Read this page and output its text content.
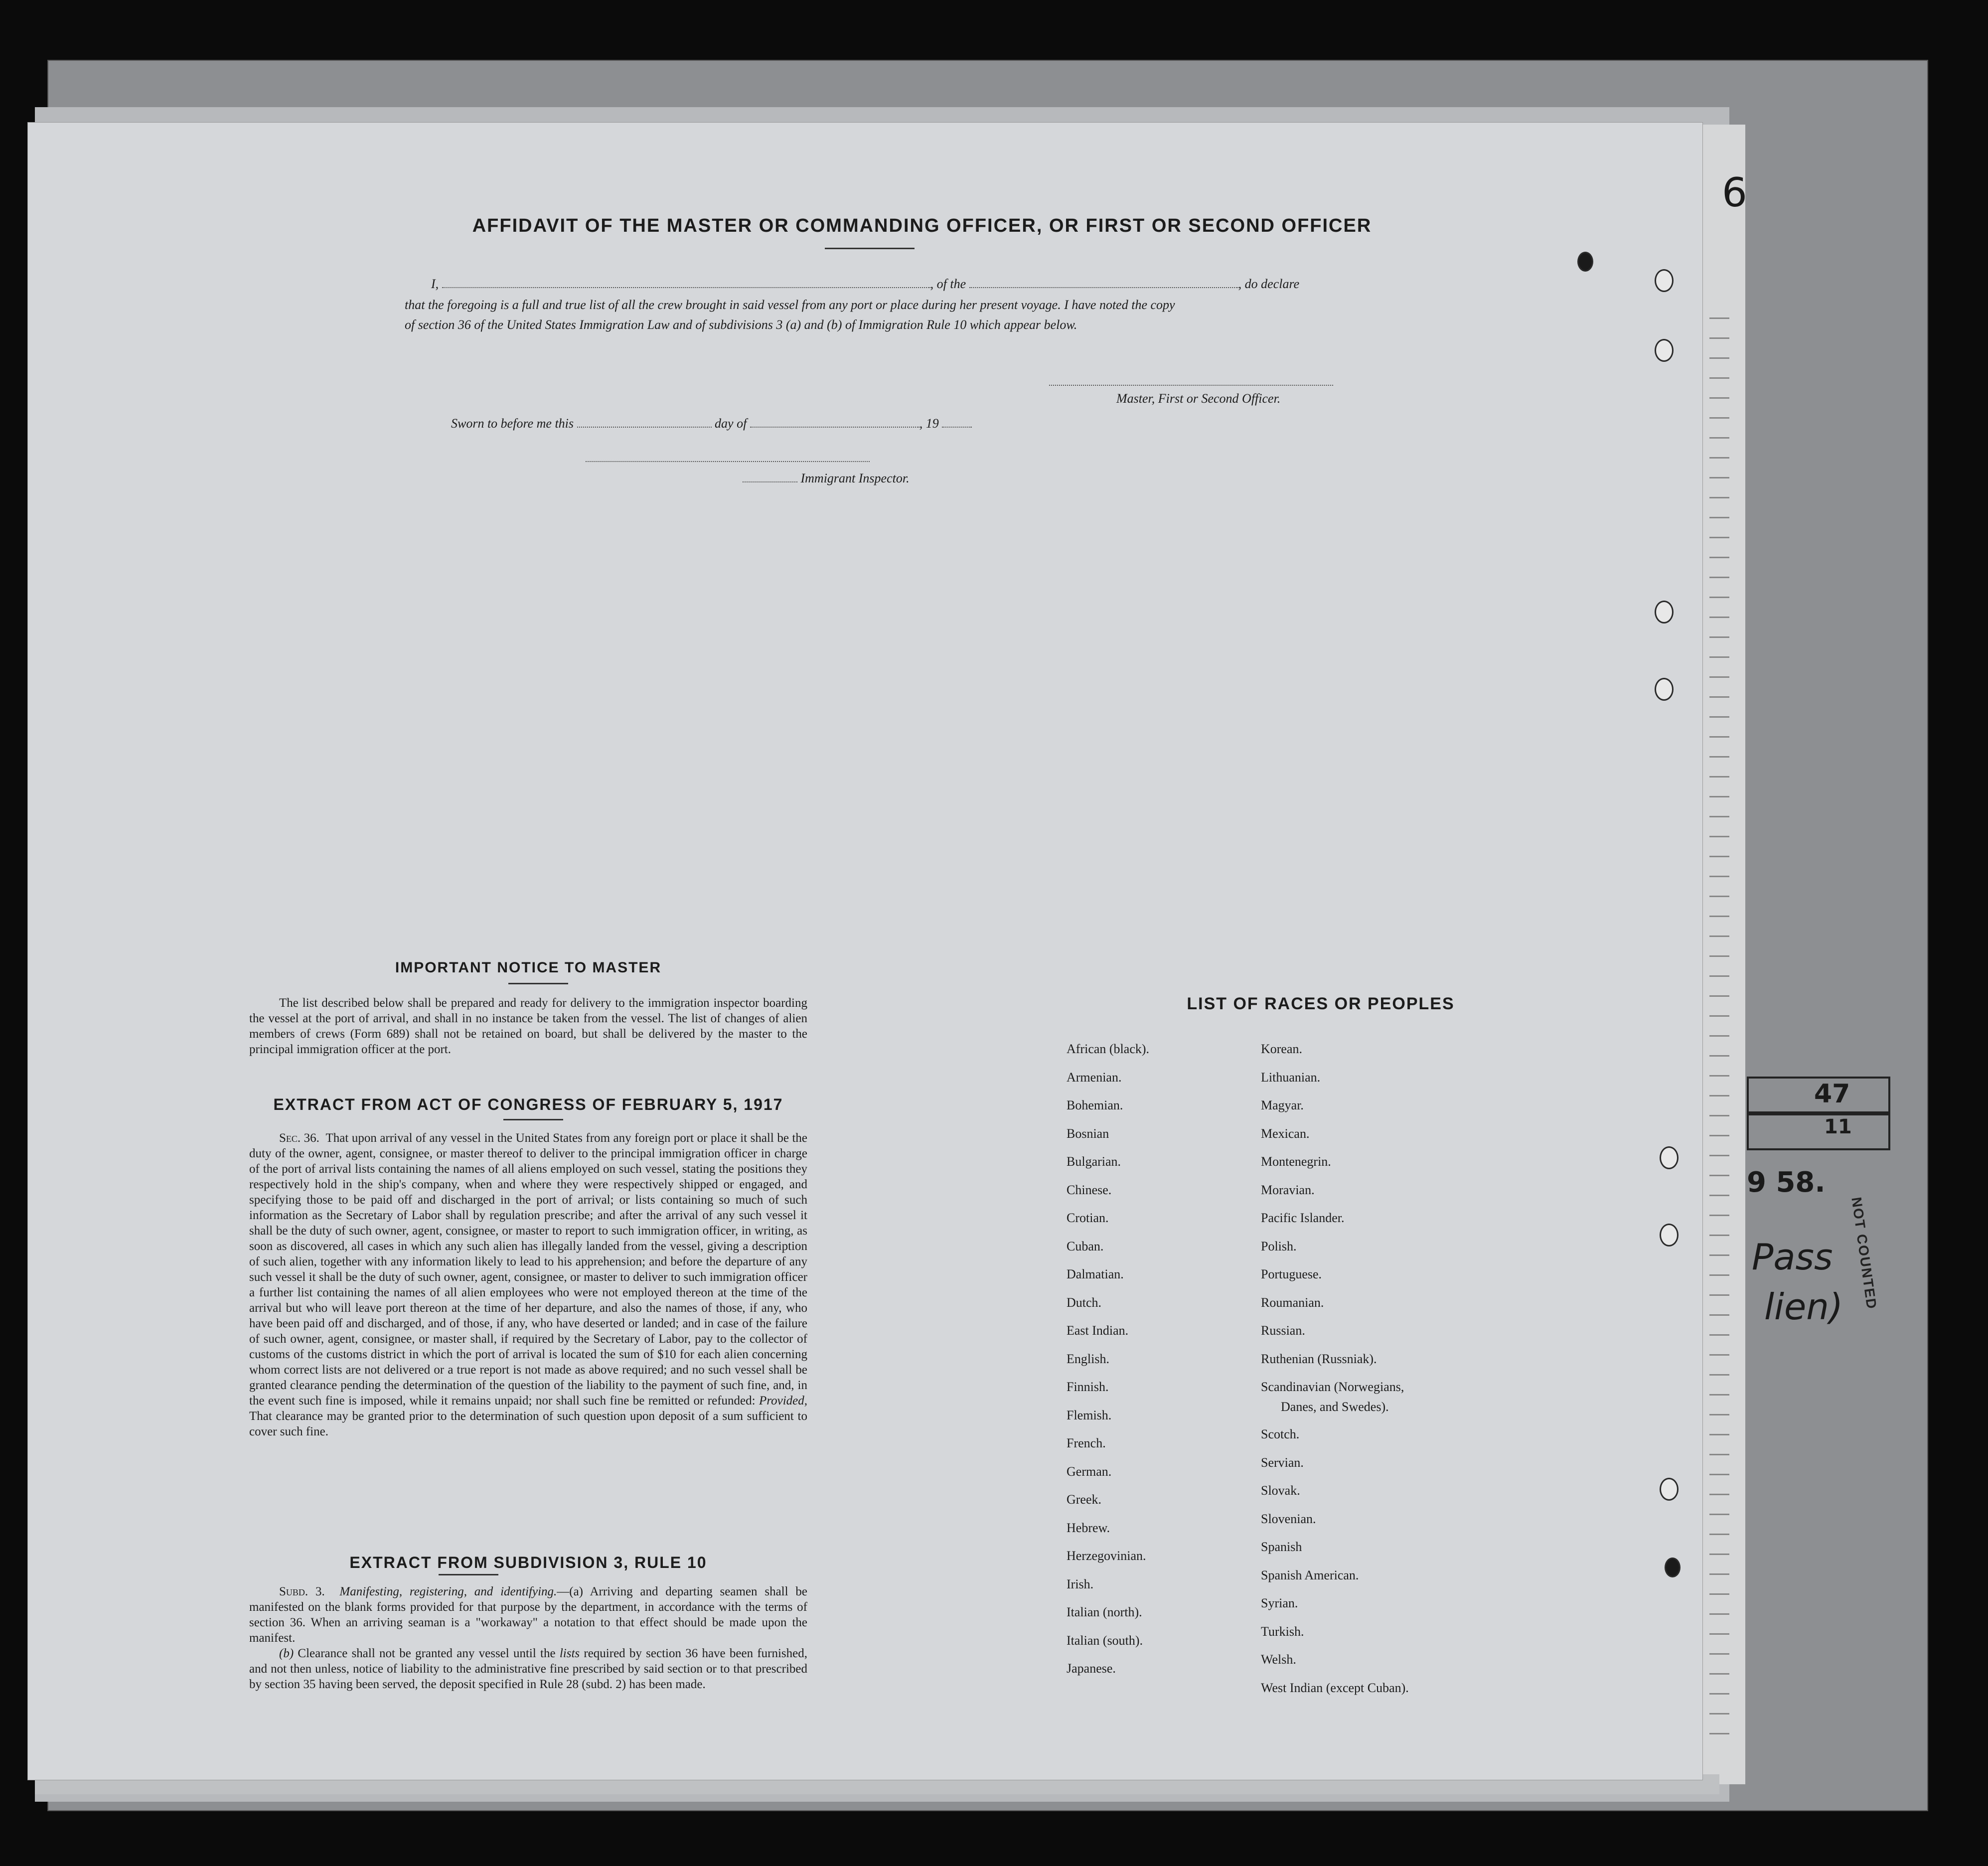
47
11
9 58.
NOT COUNTED
Pass
lien)
6
AFFIDAVIT OF THE MASTER OR COMMANDING OFFICER, OR FIRST OR SECOND OFFICER
I,	, of the	, do declare
that the foregoing is a full and true list of all the crew brought in said vessel from any port or place during her present voyage. I have noted the copy
of section 36 of the United States Immigration Law and of subdivisions 3 (a) and (b) of Immigration Rule 10 which appear below.
Master, First or Second Officer.
Sworn to before me this	day of	, 19
Immigrant Inspector.
IMPORTANT NOTICE TO MASTER

The list described below shall be prepared and ready for delivery to the immigration inspector boarding the vessel at the port of arrival, and shall in no instance be taken from the vessel. The list of changes of alien members of crews (Form 689) shall not be retained on board, but shall be delivered by the master to the principal immigration officer at the port.

EXTRACT FROM ACT OF CONGRESS OF FEBRUARY 5, 1917

Sec. 36. That upon arrival of any vessel in the United States from any foreign port or place it shall be the duty of the owner, agent, consignee, or master thereof to deliver to the principal immigration officer in charge of the port of arrival lists containing the names of all aliens employed on such vessel, stating the positions they respectively hold in the ship's company, when and where they were respectively shipped or engaged, and specifying those to be paid off and discharged in the port of arrival; or lists containing so much of such information as the Secretary of Labor shall by regulation prescribe; and after the arrival of any such vessel it shall be the duty of such owner, agent, consignee, or master to report to such immigration officer, in writing, as soon as discovered, all cases in which any such alien has illegally landed from the vessel, giving a description of such alien, together with any information likely to lead to his apprehension; and before the departure of any such vessel it shall be the duty of such owner, agent, consignee, or master to deliver to such immigration officer a further list containing the names of all alien employees who were not employed thereon at the time of the arrival but who will leave port thereon at the time of her departure, and also the names of those, if any, who have been paid off and discharged, and of those, if any, who have deserted or landed; and in case of the failure of such owner, agent, consignee, or master shall, if required by the Secretary of Labor, pay to the collector of customs of the customs district in which the port of arrival is located the sum of $10 for each alien concerning whom correct lists are not delivered or a true report is not made as above required; and no such vessel shall be granted clearance pending the determination of the question of the liability to the payment of such fine, and, in the event such fine is imposed, while it remains unpaid; nor shall such fine be remitted or refunded: Provided, That clearance may be granted prior to the determination of such question upon deposit of a sum sufficient to cover such fine.

EXTRACT FROM SUBDIVISION 3, RULE 10

Subd. 3. Manifesting, registering, and identifying.—(a) Arriving and departing seamen shall be manifested on the blank forms provided for that purpose by the department, in accordance with the terms of section 36. When an arriving seaman is a "workaway" a notation to that effect should be made upon the manifest.

(b) Clearance shall not be granted any vessel until the lists required by section 36 have been furnished, and not then unless, notice of liability to the administrative fine prescribed by said section or to that prescribed by section 35 having been served, the deposit specified in Rule 28 (subd. 2) has been made.

LIST OF RACES OR PEOPLES
African (black).
Armenian.
Bohemian.
Bosnian
Bulgarian.
Chinese.
Crotian.
Cuban.
Dalmatian.
Dutch.
East Indian.
English.
Finnish.
Flemish.
French.
German.
Greek.
Hebrew.
Herzegovinian.
Irish.
Italian (north).
Italian (south).
Japanese.
Korean.
Lithuanian.
Magyar.
Mexican.
Montenegrin.
Moravian.
Pacific Islander.
Polish.
Portuguese.
Roumanian.
Russian.
Ruthenian (Russniak).
Scandinavian (Norwegians,
Danes, and Swedes).
Scotch.
Servian.
Slovak.
Slovenian.
Spanish
Spanish American.
Syrian.
Turkish.
Welsh.
West Indian (except Cuban).
